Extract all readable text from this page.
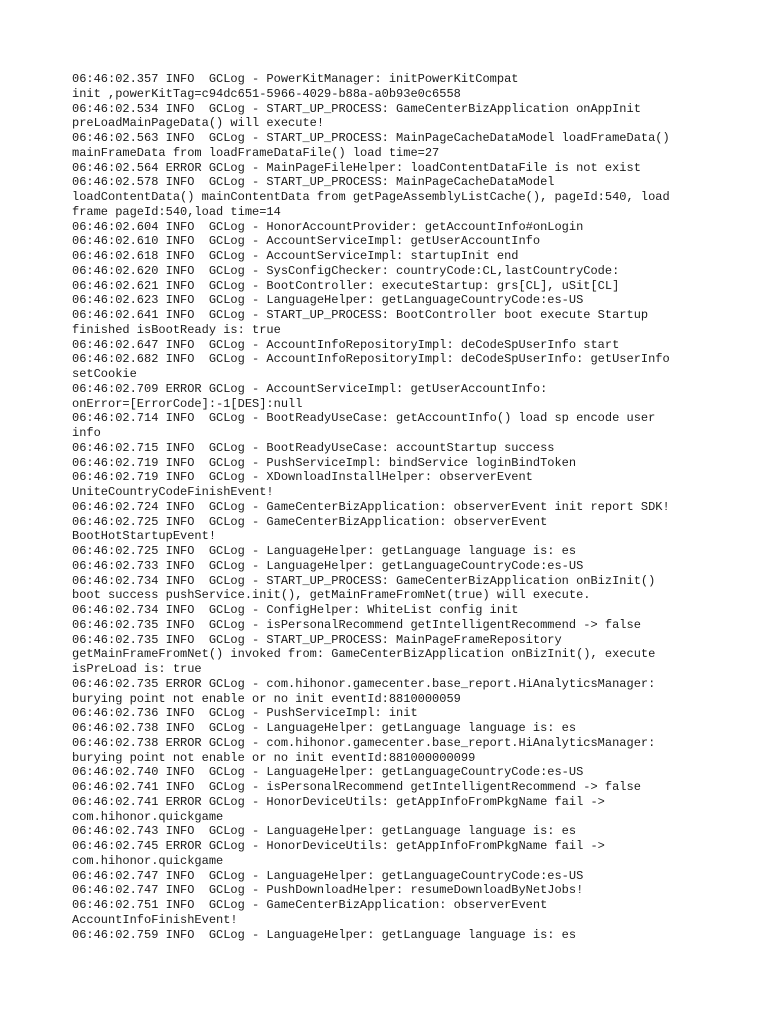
06:46:02.357 INFO  GCLog - PowerKitManager: initPowerKitCompat
init ,powerKitTag=c94dc651-5966-4029-b88a-a0b93e0c6558
06:46:02.534 INFO  GCLog - START_UP_PROCESS: GameCenterBizApplication onAppInit
preLoadMainPageData() will execute!
06:46:02.563 INFO  GCLog - START_UP_PROCESS: MainPageCacheDataModel loadFrameData()
mainFrameData from loadFrameDataFile() load time=27
06:46:02.564 ERROR GCLog - MainPageFileHelper: loadContentDataFile is not exist
06:46:02.578 INFO  GCLog - START_UP_PROCESS: MainPageCacheDataModel
loadContentData() mainContentData from getPageAssemblyListCache(), pageId:540, load
frame pageId:540,load time=14
06:46:02.604 INFO  GCLog - HonorAccountProvider: getAccountInfo#onLogin
06:46:02.610 INFO  GCLog - AccountServiceImpl: getUserAccountInfo
06:46:02.618 INFO  GCLog - AccountServiceImpl: startupInit end
06:46:02.620 INFO  GCLog - SysConfigChecker: countryCode:CL,lastCountryCode:
06:46:02.621 INFO  GCLog - BootController: executeStartup: grs[CL], uSit[CL]
06:46:02.623 INFO  GCLog - LanguageHelper: getLanguageCountryCode:es-US
06:46:02.641 INFO  GCLog - START_UP_PROCESS: BootController boot execute Startup
finished isBootReady is: true
06:46:02.647 INFO  GCLog - AccountInfoRepositoryImpl: deCodeSpUserInfo start
06:46:02.682 INFO  GCLog - AccountInfoRepositoryImpl: deCodeSpUserInfo: getUserInfo
setCookie
06:46:02.709 ERROR GCLog - AccountServiceImpl: getUserAccountInfo:
onError=[ErrorCode]:-1[DES]:null
06:46:02.714 INFO  GCLog - BootReadyUseCase: getAccountInfo() load sp encode user
info
06:46:02.715 INFO  GCLog - BootReadyUseCase: accountStartup success
06:46:02.719 INFO  GCLog - PushServiceImpl: bindService loginBindToken
06:46:02.719 INFO  GCLog - XDownloadInstallHelper: observerEvent
UniteCountryCodeFinishEvent!
06:46:02.724 INFO  GCLog - GameCenterBizApplication: observerEvent init report SDK!
06:46:02.725 INFO  GCLog - GameCenterBizApplication: observerEvent
BootHotStartupEvent!
06:46:02.725 INFO  GCLog - LanguageHelper: getLanguage language is: es
06:46:02.733 INFO  GCLog - LanguageHelper: getLanguageCountryCode:es-US
06:46:02.734 INFO  GCLog - START_UP_PROCESS: GameCenterBizApplication onBizInit()
boot success pushService.init(), getMainFrameFromNet(true) will execute.
06:46:02.734 INFO  GCLog - ConfigHelper: WhiteList config init
06:46:02.735 INFO  GCLog - isPersonalRecommend getIntelligentRecommend -> false
06:46:02.735 INFO  GCLog - START_UP_PROCESS: MainPageFrameRepository
getMainFrameFromNet() invoked from: GameCenterBizApplication onBizInit(), execute
isPreLoad is: true
06:46:02.735 ERROR GCLog - com.hihonor.gamecenter.base_report.HiAnalyticsManager:
burying point not enable or no init eventId:8810000059
06:46:02.736 INFO  GCLog - PushServiceImpl: init
06:46:02.738 INFO  GCLog - LanguageHelper: getLanguage language is: es
06:46:02.738 ERROR GCLog - com.hihonor.gamecenter.base_report.HiAnalyticsManager:
burying point not enable or no init eventId:881000000099
06:46:02.740 INFO  GCLog - LanguageHelper: getLanguageCountryCode:es-US
06:46:02.741 INFO  GCLog - isPersonalRecommend getIntelligentRecommend -> false
06:46:02.741 ERROR GCLog - HonorDeviceUtils: getAppInfoFromPkgName fail ->
com.hihonor.quickgame
06:46:02.743 INFO  GCLog - LanguageHelper: getLanguage language is: es
06:46:02.745 ERROR GCLog - HonorDeviceUtils: getAppInfoFromPkgName fail ->
com.hihonor.quickgame
06:46:02.747 INFO  GCLog - LanguageHelper: getLanguageCountryCode:es-US
06:46:02.747 INFO  GCLog - PushDownloadHelper: resumeDownloadByNetJobs!
06:46:02.751 INFO  GCLog - GameCenterBizApplication: observerEvent
AccountInfoFinishEvent!
06:46:02.759 INFO  GCLog - LanguageHelper: getLanguage language is: es
